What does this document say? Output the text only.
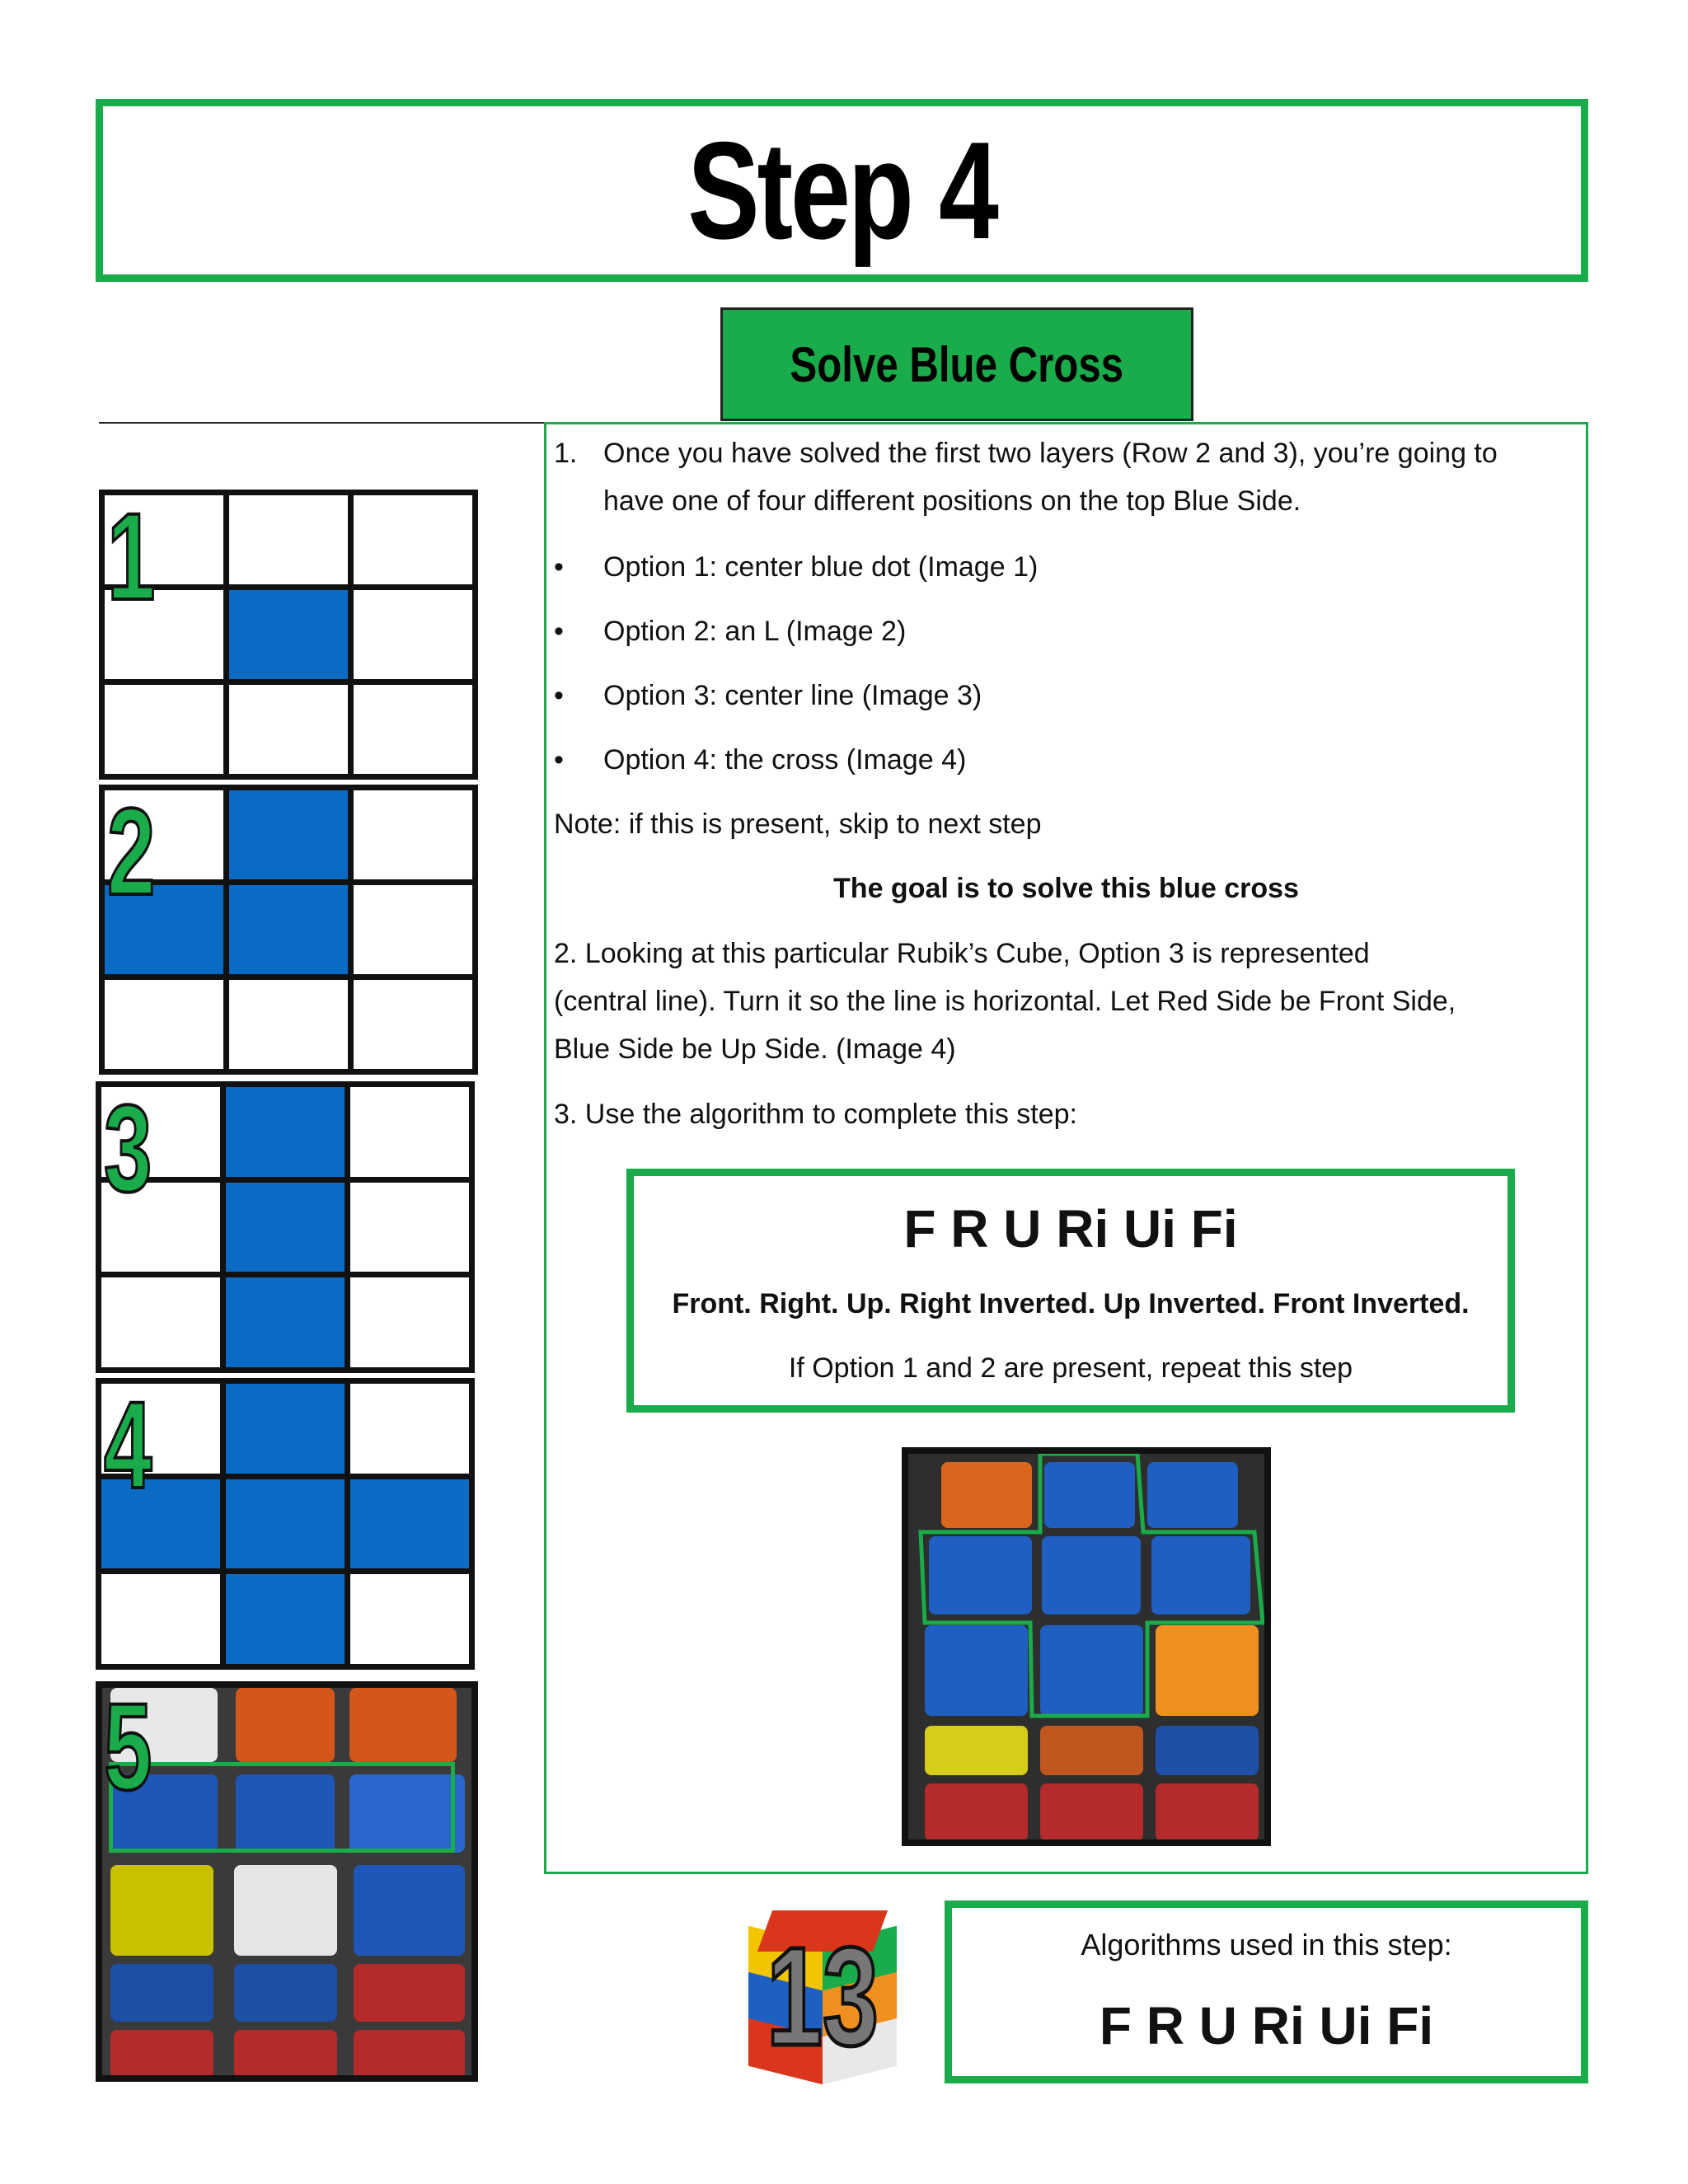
Step 4
Solve Blue Cross
1
2
3
4
5
1. Once you have solved the first two layers (Row 2 and 3), you’re going to
have one of four different positions on the top Blue Side.
• Option 1: center blue dot (Image 1)
• Option 2: an L (Image 2)
• Option 3: center line (Image 3)
• Option 4: the cross (Image 4)
Note: if this is present, skip to next step
The goal is to solve this blue cross
2. Looking at this particular Rubik’s Cube, Option 3 is represented
(central line). Turn it so the line is horizontal. Let Red Side be Front Side,
Blue Side be Up Side. (Image 4)
3. Use the algorithm to complete this step:
F R U Ri Ui Fi
Front. Right. Up. Right Inverted. Up Inverted. Front Inverted.
If Option 1 and 2 are present, repeat this step
13	Algorithms used in this step:
F R U Ri Ui Fi
